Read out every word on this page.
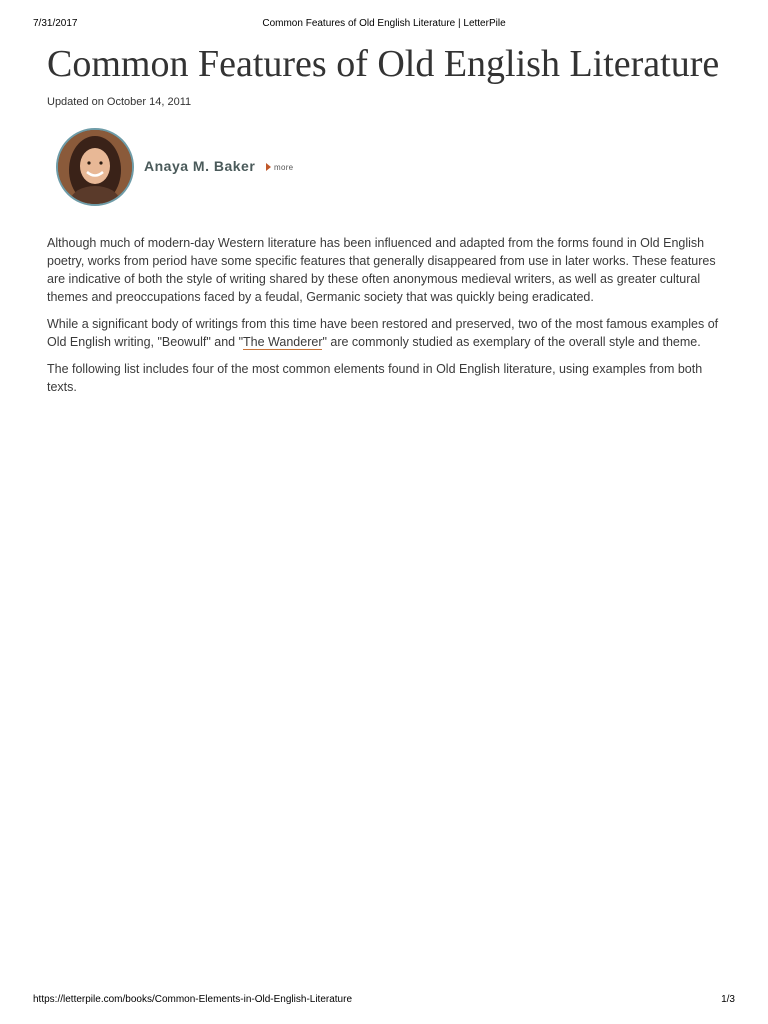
7/31/2017	Common Features of Old English Literature | LetterPile
Common Features of Old English Literature
Updated on October 14, 2011
Anaya M. Baker	more

Although much of modern-day Western literature has been influenced and adapted from the forms found in Old English poetry, works from period have some specific features that generally disappeared from use in later works. These features are indicative of both the style of writing shared by these often anonymous medieval writers, as well as greater cultural themes and preoccupations faced by a feudal, Germanic society that was quickly being eradicated.

While a significant body of writings from this time have been restored and preserved, two of the most famous examples of Old English writing, "Beowulf" and "The Wanderer" are commonly studied as exemplary of the overall style and theme.

The following list includes four of the most common elements found in Old English literature, using examples from both texts.

https://letterpile.com/books/Common-Elements-in-Old-English-Literature	1/3
